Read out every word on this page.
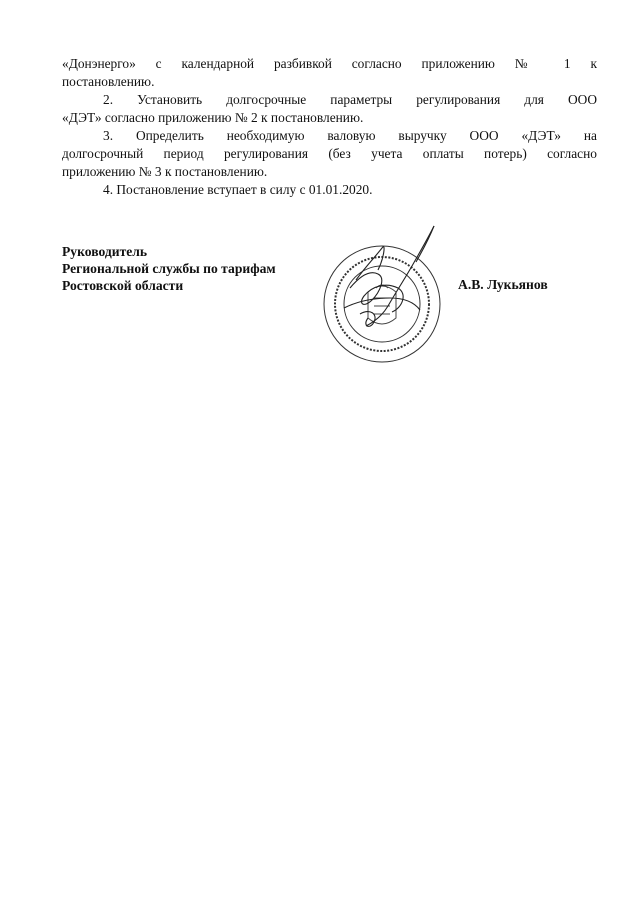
«Донэнерго» с календарной разбивкой согласно приложению № 1 к
постановлению.
2. Установить долгосрочные параметры регулирования для ООО
«ДЭТ» согласно приложению № 2 к постановлению.
3. Определить необходимую валовую выручку ООО «ДЭТ» на
долгосрочный период регулирования (без учета оплаты потерь) согласно
приложению № 3 к постановлению.
4. Постановление вступает в силу с 01.01.2020.
Руководитель
Региональной службы по тарифам
Ростовской области	А.В. Лукьянов
